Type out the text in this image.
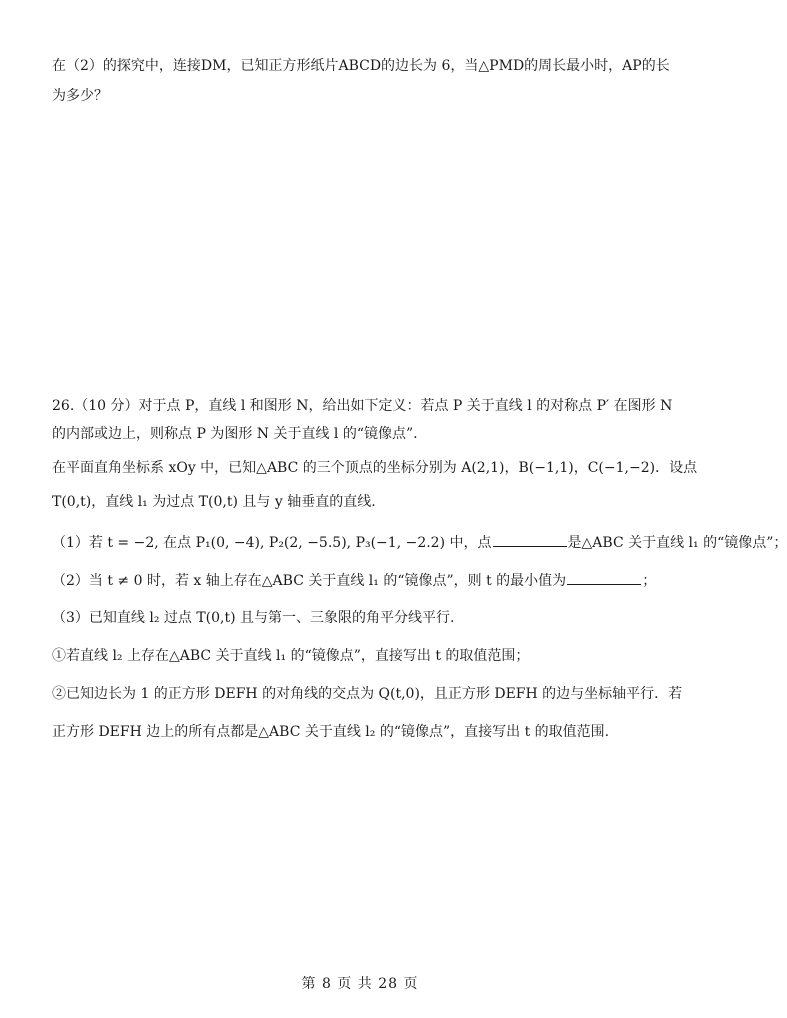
在（2）的探究中，连接DM，已知正方形纸片ABCD的边长为 6，当△PMD的周长最小时，AP的长
为多少？
26.（10 分）对于点 P，直线 l 和图形 N，给出如下定义：若点 P 关于直线 l 的对称点 P′ 在图形 N
的内部或边上，则称点 P 为图形 N 关于直线 l 的“镜像点”.
在平面直角坐标系 xOy 中，已知△ABC 的三个顶点的坐标分别为 A(2,1)，B(−1,1)，C(−1,−2)．设点
T(0,t)，直线 l₁ 为过点 T(0,t) 且与 y 轴垂直的直线.
（1）若 t = −2, 在点 P₁(0, −4), P₂(2, −5.5), P₃(−1, −2.2) 中，点	是△ABC 关于直线 l₁ 的“镜像点”；
（2）当 t ≠ 0 时，若 x 轴上存在△ABC 关于直线 l₁ 的“镜像点”，则 t 的最小值为	；
（3）已知直线 l₂ 过点 T(0,t) 且与第一、三象限的角平分线平行.
①若直线 l₂ 上存在△ABC 关于直线 l₁ 的“镜像点”，直接写出 t 的取值范围；
②已知边长为 1 的正方形 DEFH 的对角线的交点为 Q(t,0)，且正方形 DEFH 的边与坐标轴平行．若
正方形 DEFH 边上的所有点都是△ABC 关于直线 l₂ 的“镜像点”，直接写出 t 的取值范围.
第 8 页 共 28 页
